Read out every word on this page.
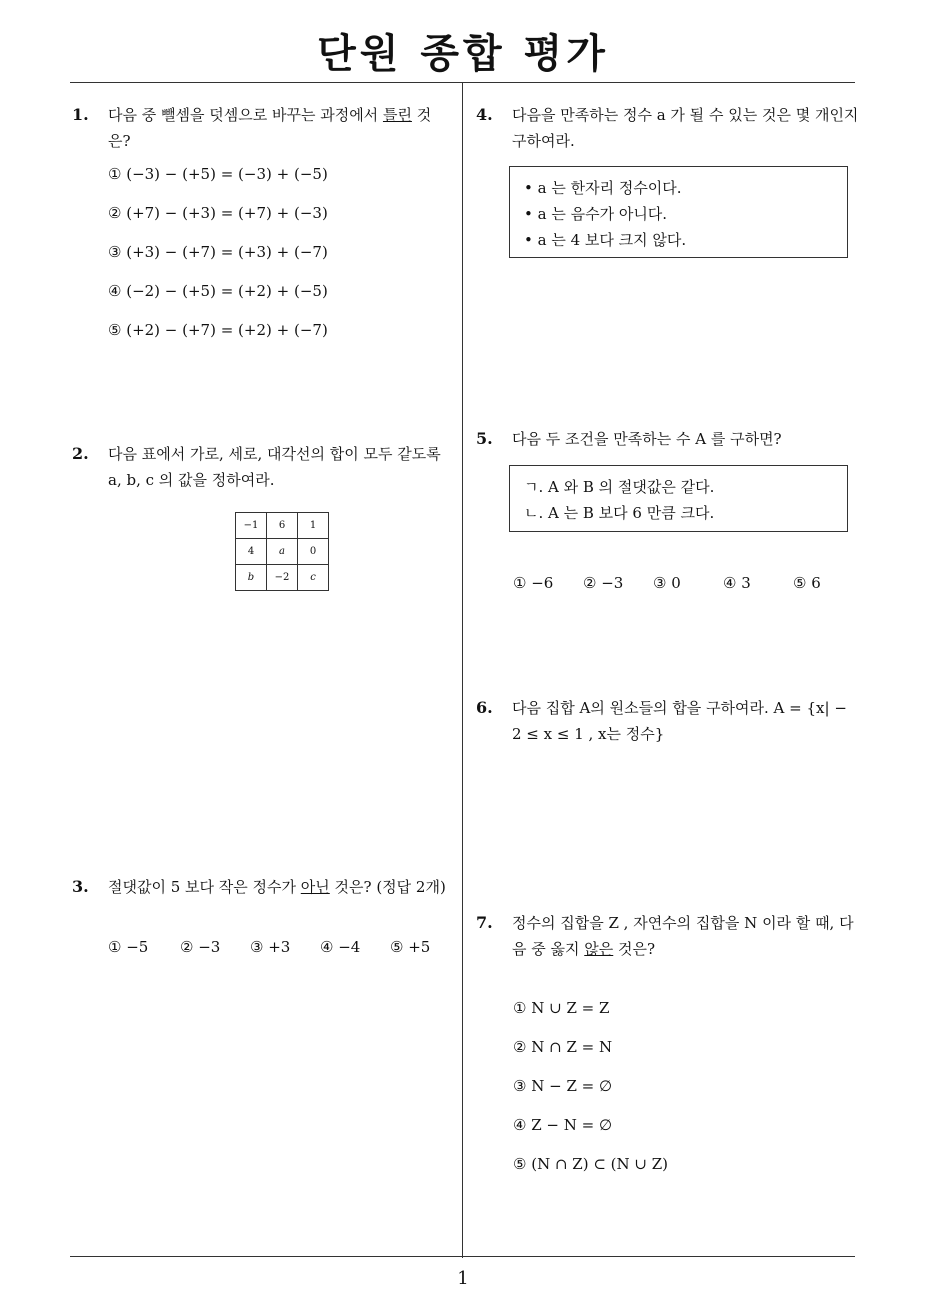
단원 종합 평가
1. 다음 중 뺄셈을 덧셈으로 바꾸는 과정에서 틀린 것은?
① (−3) − (+5) = (−3) + (−5)
② (+7) − (+3) = (+7) + (−3)
③ (+3) − (+7) = (+3) + (−7)
④ (−2) − (+5) = (+2) + (−5)
⑤ (+2) − (+7) = (+2) + (−7)
2. 다음 표에서 가로, 세로, 대각선의 합이 모두 같도록 a, b, c 의 값을 정하여라.
−1	6	1
4	a	0
b	−2	c
3. 절댓값이 5 보다 작은 정수가 아닌 것은? (정답 2개)
① −5 ② −3 ③ +3 ④ −4 ⑤ +5
4. 다음을 만족하는 정수 a 가 될 수 있는 것은 몇 개인지 구하여라.
• a 는 한자리 정수이다.
• a 는 음수가 아니다.
• a 는 4 보다 크지 않다.
5. 다음 두 조건을 만족하는 수 A 를 구하면?
ㄱ. A 와 B 의 절댓값은 같다.
ㄴ. A 는 B 보다 6 만큼 크다.
① −6 ② −3 ③ 0	④ 3	⑤ 6
6. 다음 집합 A의 원소들의 합을 구하여라. A = {x| − 2 ≤ x ≤ 1 , x는 정수}
7. 정수의 집합을 Z , 자연수의 집합을 N 이라 할 때, 다음 중 옳지 않은 것은?
① N ∪ Z = Z
② N ∩ Z = N
③ N − Z = ∅
④ Z − N = ∅
⑤ (N ∩ Z) ⊂ (N ∪ Z)
1
